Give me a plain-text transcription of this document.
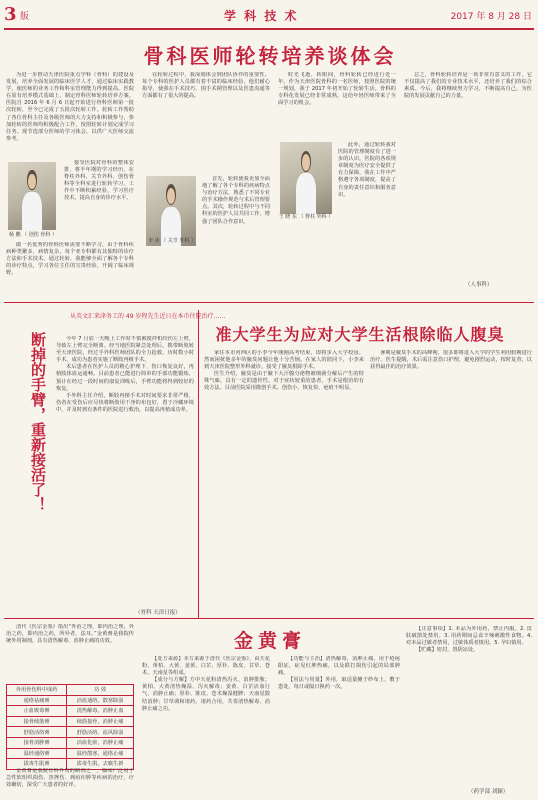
3 版	学 科 技 术	2017 年 8 月 28 日
骨科医师轮转培养谈体会

为进一步推动天津医院重点学科（骨科）的建设及发展，培养全面发展的临床医学人才，通过临床实践教学，使医师的业务工作和科室管理能力得到提高，医院在原有培养模式基础上，制定骨科医师轮转培养方案。医院自 2016 年 6 月 6 日起开始进行骨科医师第一批次轮转，至今已完成了五批次轮转工作。轮转工作帮助了各位骨科主任及各级医师的大力支持和积极参与，参加轮转的医师均积极配合工作，按照轮转计划完成学习任务。现节选部分医师的学习体会，以供广大医师交流参考。

杨 鹏 （ 创伤 骨科 ）

接受医院对骨科的整体安排，将半年期的学习经历，在脊柱外科、关节外科、创伤骨科等全科室进行轮转学习，工作中不断积累经验，学习医疗技术，提高自身的诊疗水平。

做一名优秀的骨科医师需要不断学习，由于骨科疾病种类繁多，病情复杂，每个亚专科都有其独特的诊疗方法和手术技术。通过轮转，我能够全面了解各个专科的诊疗特点，学习各位主任的宝贵经验，开阔了临床视野。

在轮转过程中，我深刻体会到团队协作的重要性。每个专科的医护人员都有着丰富的临床经验，他们耐心指导，使我在手术技巧、围手术期管理以及医患沟通等方面都有了很大的提高。

李 沐 （ 关节 外科 ）

首先，轮转使我更加全面地了解了各个专科的疾病特点与治疗方法，熟悉了不同专业的手术操作规范与术后管理要点。其次，轮转过程中与不同科室的医护人员共同工作，增强了团队合作意识。

时光飞逝，转眼间，骨科轮转已经进行近一年。作为天津医院骨科的一名医师，按照医院的统一规划，我于 2017 年初开始了轮转生活。骨科的专科化发展已经非常成熟，这给年轻医师带来了全面学习的机会。

王 晓 东 （ 脊柱 外科 ）

此外，通过轮转我对医院的管理制度有了进一步的认识。医院的各项规章制度为医疗安全提供了有力保障，我在工作中严格遵守各项制度，提高了自身的责任意识和服务意识。

总之，骨科轮转培养是一项非常有意义的工作，它不仅提高了我们的专业技术水平，还培养了我们的综合素质。今后，我将继续努力学习，不断提高自己，为医院的发展贡献自己的力量。

（人事科）
从英文汇来津务工的 49 岁程先生近日在本市住院治疗……
断掉的手臂，重新接活了！	今年 7 月底一天晚上工作时不慎被搅拌机绞伤左上臂，导致左上臂完全断离。经当地医院紧急处理后，携带断肢转至天津医院，经过手外科医师团队的全力抢救，历时数小时手术，成功为患者实施了断肢再植手术。

术后患者在医护人员的精心护理下，伤口恢复良好，再植肢体血运通畅。目前患者已能进行简单的手部功能锻炼，预计在经过一段时间的康复训练后，手臂功能将得到较好的恢复。

手外科主任介绍，断肢再植手术对时间要求非常严格，伤者在受伤后应尽快将断肢用干净的布包好，置于冷藏环境中，并及时到有条件的医院进行救治，以提高再植成功率。

（骨科 天津日报）
准大学生为应对大学生活根除临人腹臭

家住本市河西区的小李今年刚刚高考结束，即将步入大学校园。然而困扰他多年的腋臭问题让他十分苦恼。在家人的陪同下，小李来到天津医院整形外科就诊，接受了腋臭根除手术。

医生介绍，腋臭是由于腋下大汗腺分泌物被细菌分解后产生的特殊气味，具有一定的遗传性。对于症状较重的患者，手术是根治的有效方法。目前医院采用微创手术，创伤小、恢复快、疤痕不明显。

暑期是腋臭手术的高峰期，很多即将进入大学的学生利用假期进行治疗。医生提醒，术后需注意伤口护理，避免剧烈运动，按时复查，以获得最佳的治疗效果。

金黄膏

清代《医宗金鉴》指出“外治之理，即内治之理，外治之药，即内治之药，所异者，法耳。”金黄膏是我院传统外用制剂，具有清热解毒、消肿止痛的功效。

外用骨伤科中成药	功 效
通络祛痛膏	活血通络，散寒除湿
止血败毒膏	清热解毒，消肿止血
接骨续筋膏	续筋接骨，消肿止痛
舒筋活络膏	舒筋活络，祛风除湿
接骨消肿膏	活血化瘀，消肿止痛
温经通络膏	温经散寒，通络止痛
拔毒生肌膏	拔毒生肌，去腐生新

金黄膏是我院骨科外用的制剂之一，临床广泛用于急性软组织损伤、扭挫伤、痈疽疖肿等疾病的治疗，疗效确切，深受广大患者的好评。

【处方来源】本方来源于清代《医宗金鉴》，由天花粉、黄柏、大黄、姜黄、白芷、厚朴、陈皮、甘草、苍术、天南星等组成。

【成分与方解】方中天花粉清热泻火、消肿排脓；黄柏、大黄清热燥湿、泻火解毒；姜黄、白芷活血行气、消肿止痛；厚朴、陈皮、苍术燥湿健脾；天南星散结消肿；甘草调和诸药。诸药合用，共奏清热解毒、消肿止痛之功。

【功能与主治】清热解毒，消肿止痛。用于疮疡阳证，症见红肿热痛，以及跌打损伤引起的局部肿痛。

【用法与用量】外用，取适量摊于纱布上，敷于患处，每日或隔日换药一次。

【注意事项】1. 本品为外用药，禁止内服。2. 皮肤破溃处禁用。3. 用药期间忌食辛辣刺激性食物。4. 对本品过敏者禁用，过敏体质者慎用。5. 孕妇慎用。

【贮藏】密封，置阴凉处。

（药学部 刘颖）
